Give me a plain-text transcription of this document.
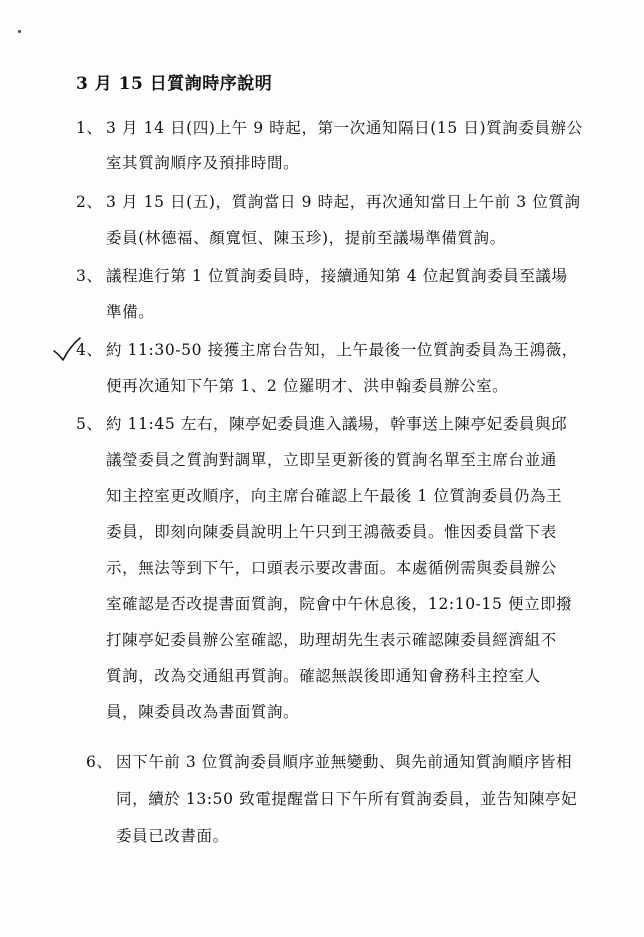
3 月 15 日質詢時序說明
1、 3 月 14 日(四)上午 9 時起，第一次通知隔日(15 日)質詢委員辦公
室其質詢順序及預排時間。
2、 3 月 15 日(五)，質詢當日 9 時起，再次通知當日上午前 3 位質詢
委員(林德福、顏寬恒、陳玉珍)，提前至議場準備質詢。
3、 議程進行第 1 位質詢委員時，接續通知第 4 位起質詢委員至議場
準備。
4、 約 11:30-50 接獲主席台告知，上午最後一位質詢委員為王鴻薇，
便再次通知下午第 1、2 位羅明才、洪申翰委員辦公室。
5、 約 11:45 左右，陳亭妃委員進入議場，幹事送上陳亭妃委員與邱
議瑩委員之質詢對調單，立即呈更新後的質詢名單至主席台並通
知主控室更改順序，向主席台確認上午最後 1 位質詢委員仍為王
委員，即刻向陳委員說明上午只到王鴻薇委員。惟因委員當下表
示，無法等到下午，口頭表示要改書面。本處循例需與委員辦公
室確認是否改提書面質詢，院會中午休息後，12:10-15 便立即撥
打陳亭妃委員辦公室確認，助理胡先生表示確認陳委員經濟組不
質詢，改為交通組再質詢。確認無誤後即通知會務科主控室人
員，陳委員改為書面質詢。
6、 因下午前 3 位質詢委員順序並無變動、與先前通知質詢順序皆相
同，續於 13:50 致電提醒當日下午所有質詢委員，並告知陳亭妃
委員已改書面。
